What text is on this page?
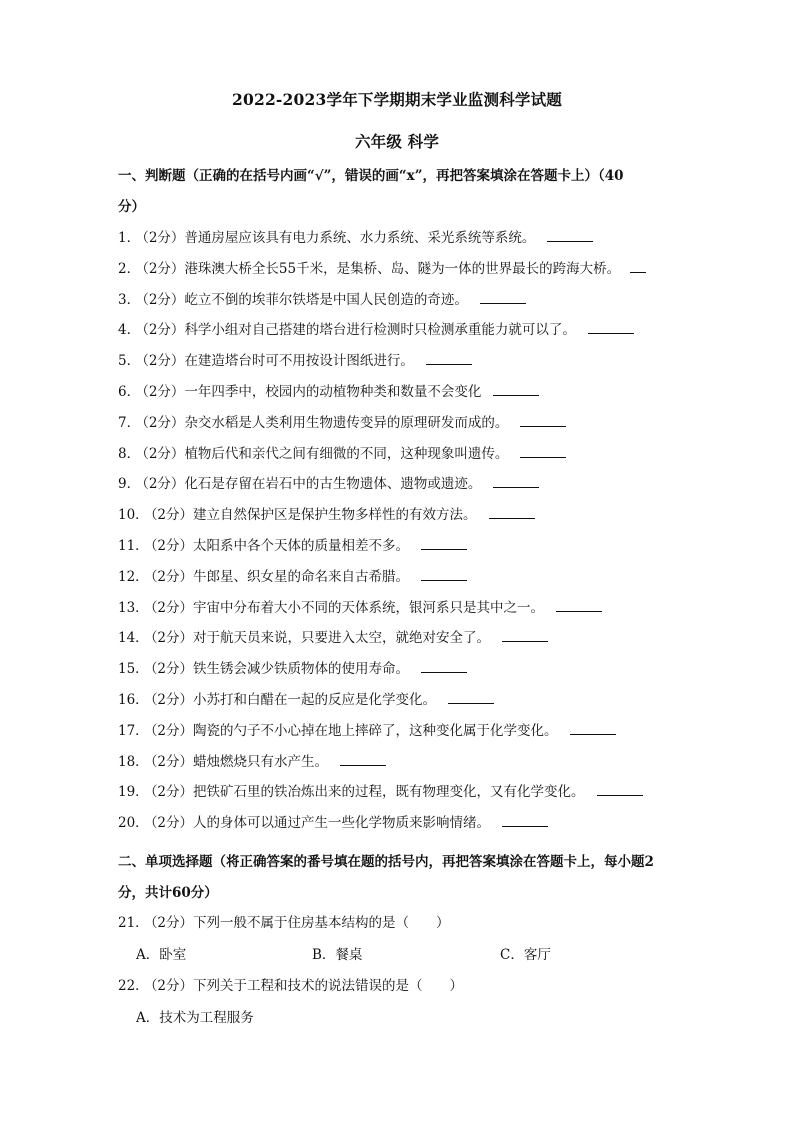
2022-2023学年下学期期末学业监测科学试题
六年级 科学
一、判断题（正确的在括号内画“√”，错误的画“x”，再把答案填涂在答题卡上）（40
分）
1． （2分）普通房屋应该具有电力系统、水力系统、采光系统等系统。
2． （2分）港珠澳大桥全长55千米，是集桥、岛、隧为一体的世界最长的跨海大桥。
3． （2分）屹立不倒的埃菲尔铁塔是中国人民创造的奇迹。
4． （2分）科学小组对自己搭建的塔台进行检测时只检测承重能力就可以了。
5． （2分）在建造塔台时可不用按设计图纸进行。
6． （2分）一年四季中，校园内的动植物种类和数量不会变化
7． （2分）杂交水稻是人类利用生物遗传变异的原理研发而成的。
8． （2分）植物后代和亲代之间有细微的不同，这种现象叫遗传。
9． （2分）化石是存留在岩石中的古生物遗体、遗物或遗迹。
10． （2分）建立自然保护区是保护生物多样性的有效方法。
11． （2分）太阳系中各个天体的质量相差不多。
12． （2分）牛郎星、织女星的命名来自古希腊。
13． （2分）宇宙中分布着大小不同的天体系统，银河系只是其中之一。
14． （2分）对于航天员来说，只要进入太空，就绝对安全了。
15． （2分）铁生锈会减少铁质物体的使用寿命。
16． （2分）小苏打和白醋在一起的反应是化学变化。
17． （2分）陶瓷的勺子不小心掉在地上摔碎了，这种变化属于化学变化。
18． （2分）蜡烛燃烧只有水产生。
19． （2分）把铁矿石里的铁冶炼出来的过程，既有物理变化，又有化学变化。
20． （2分）人的身体可以通过产生一些化学物质来影响情绪。
二、单项选择题（将正确答案的番号填在题的括号内，再把答案填涂在答题卡上，每小题2
分，共计60分）
21． （2分）下列一般不属于住房基本结构的是（　　）
A．卧室	B．餐桌	C．客厅
22． （2分）下列关于工程和技术的说法错误的是（　　）
A．技术为工程服务
